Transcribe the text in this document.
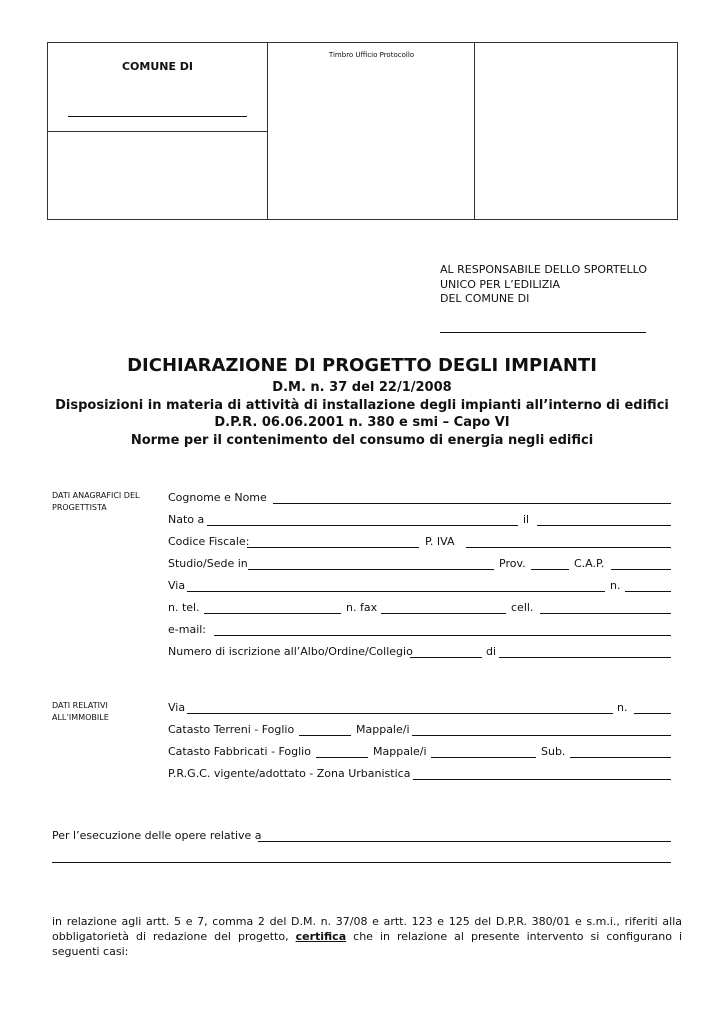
COMUNE DI
Timbro Ufficio Protocollo
AL RESPONSABILE DELLO SPORTELLO
UNICO PER L’EDILIZIA
DEL COMUNE DI
DICHIARAZIONE DI PROGETTO DEGLI IMPIANTI
D.M. n. 37 del 22/1/2008
Disposizioni in materia di attività di installazione degli impianti all’interno di edifici
D.P.R. 06.06.2001 n. 380 e smi – Capo VI
Norme per il contenimento del consumo di energia negli edifici
DATI ANAGRAFICI DEL
PROGETTISTA
Cognome e Nome
Nato a	il
Codice Fiscale:	P. IVA
Studio/Sede in	Prov.	C.A.P.
Via	n.
n. tel.	n. fax	cell.
e-mail:
Numero di iscrizione all’Albo/Ordine/Collegio	di
DATI RELATIVI
ALL’IMMOBILE
Via	n.
Catasto Terreni - Foglio	Mappale/i
Catasto Fabbricati - Foglio	Mappale/i	Sub.
P.R.G.C. vigente/adottato - Zona Urbanistica
Per l’esecuzione delle opere relative a
in relazione agli artt. 5 e 7, comma 2 del D.M. n. 37/08 e artt. 123 e 125 del D.P.R. 380/01 e s.m.i., riferiti alla obbligatorietà di redazione del progetto, certifica che in relazione al presente intervento si configurano i seguenti casi:
